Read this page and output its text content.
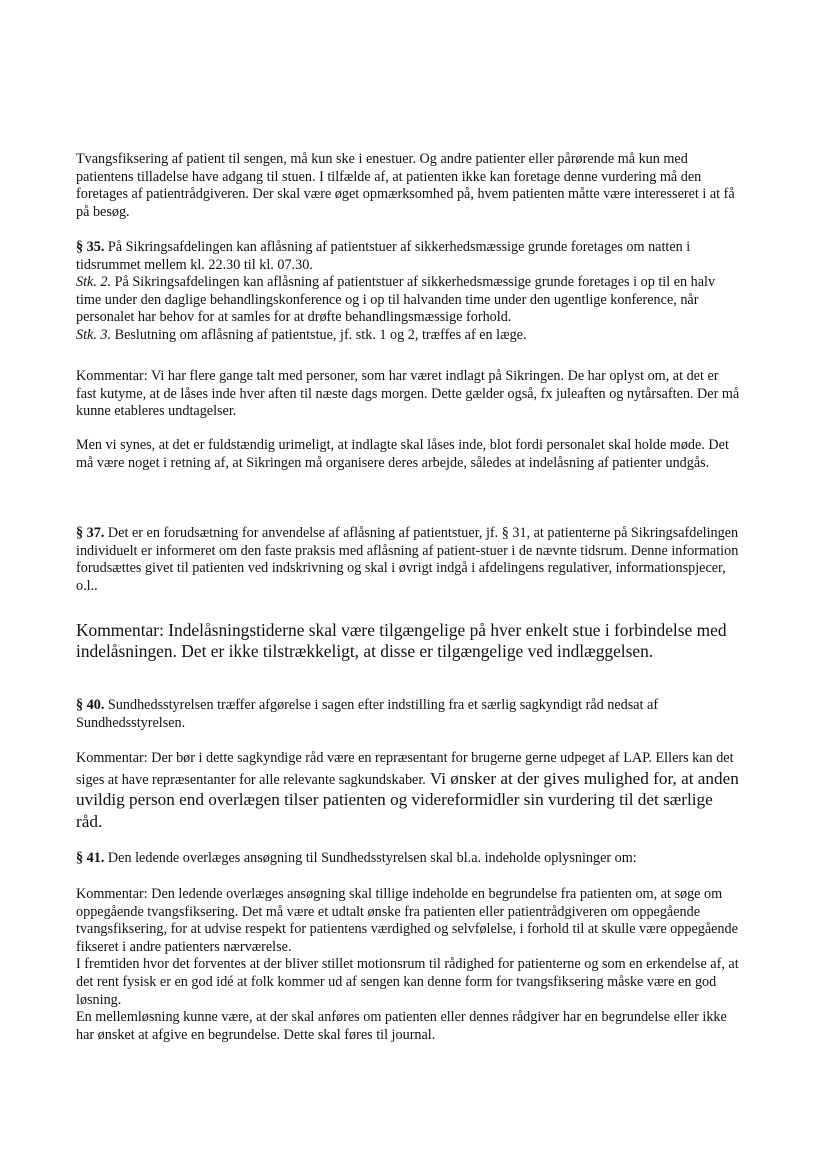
Tvangsfiksering af patient til sengen, må kun ske i enestuer. Og andre patienter eller pårørende må kun med patientens tilladelse have adgang til stuen. I tilfælde af, at patienten ikke kan foretage denne vurdering må den foretages af patientrådgiveren. Der skal være øget opmærksomhed på, hvem patienten måtte være interesseret i at få på besøg.

§ 35. På Sikringsafdelingen kan aflåsning af patientstuer af sikkerhedsmæssige grunde foretages om natten i tidsrummet mellem kl. 22.30 til kl. 07.30.
Stk. 2. På Sikringsafdelingen kan aflåsning af patientstuer af sikkerhedsmæssige grunde foretages i op til en halv time under den daglige behandlingskonference og i op til halvanden time under den ugentlige konference, når personalet har behov for at samles for at drøfte behandlingsmæssige forhold.
Stk. 3. Beslutning om aflåsning af patientstue, jf. stk. 1 og 2, træffes af en læge.

Kommentar: Vi har flere gange talt med personer, som har været indlagt på Sikringen. De har oplyst om, at det er fast kutyme, at de låses inde hver aften til næste dags morgen. Dette gælder også, fx juleaften og nytårsaften. Der må kunne etableres undtagelser.

Men vi synes, at det er fuldstændig urimeligt, at indlagte skal låses inde, blot fordi personalet skal holde møde. Det må være noget i retning af, at Sikringen må organisere deres arbejde, således at indelåsning af patienter undgås.

§ 37. Det er en forudsætning for anvendelse af aflåsning af patientstuer, jf. § 31, at patienterne på Sikringsafdelingen individuelt er informeret om den faste praksis med aflåsning af patient-stuer i de nævnte tidsrum. Denne information forudsættes givet til patienten ved indskrivning og skal i øvrigt indgå i afdelingens regulativer, informationspjecer, o.l..

Kommentar: Indelåsningstiderne skal være tilgængelige på hver enkelt stue i forbindelse med indelåsningen. Det er ikke tilstrækkeligt, at disse er tilgængelige ved indlæggelsen.

§ 40. Sundhedsstyrelsen træffer afgørelse i sagen efter indstilling fra et særlig sagkyndigt råd nedsat af Sundhedsstyrelsen.

Kommentar: Der bør i dette sagkyndige råd være en repræsentant for brugerne gerne udpeget af LAP. Ellers kan det siges at have repræsentanter for alle relevante sagkundskaber. Vi ønsker at der gives mulighed for, at anden uvildig person end overlægen tilser patienten og videreformidler sin vurdering til det særlige råd.

§ 41. Den ledende overlæges ansøgning til Sundhedsstyrelsen skal bl.a. indeholde oplysninger om:

Kommentar: Den ledende overlæges ansøgning skal tillige indeholde en begrundelse fra patienten om, at søge om oppegående tvangsfiksering. Det må være et udtalt ønske fra patienten eller patientrådgiveren om oppegående tvangsfiksering, for at udvise respekt for patientens værdighed og selvfølelse, i forhold til at skulle være oppegående fikseret i andre patienters nærværelse.
I fremtiden hvor det forventes at der bliver stillet motionsrum til rådighed for patienterne og som en erkendelse af, at det rent fysisk er en god idé at folk kommer ud af sengen kan denne form for tvangsfiksering måske være en god løsning.
En mellemløsning kunne være, at der skal anføres om patienten eller dennes rådgiver har en begrundelse eller ikke har ønsket at afgive en begrundelse. Dette skal føres til journal.
